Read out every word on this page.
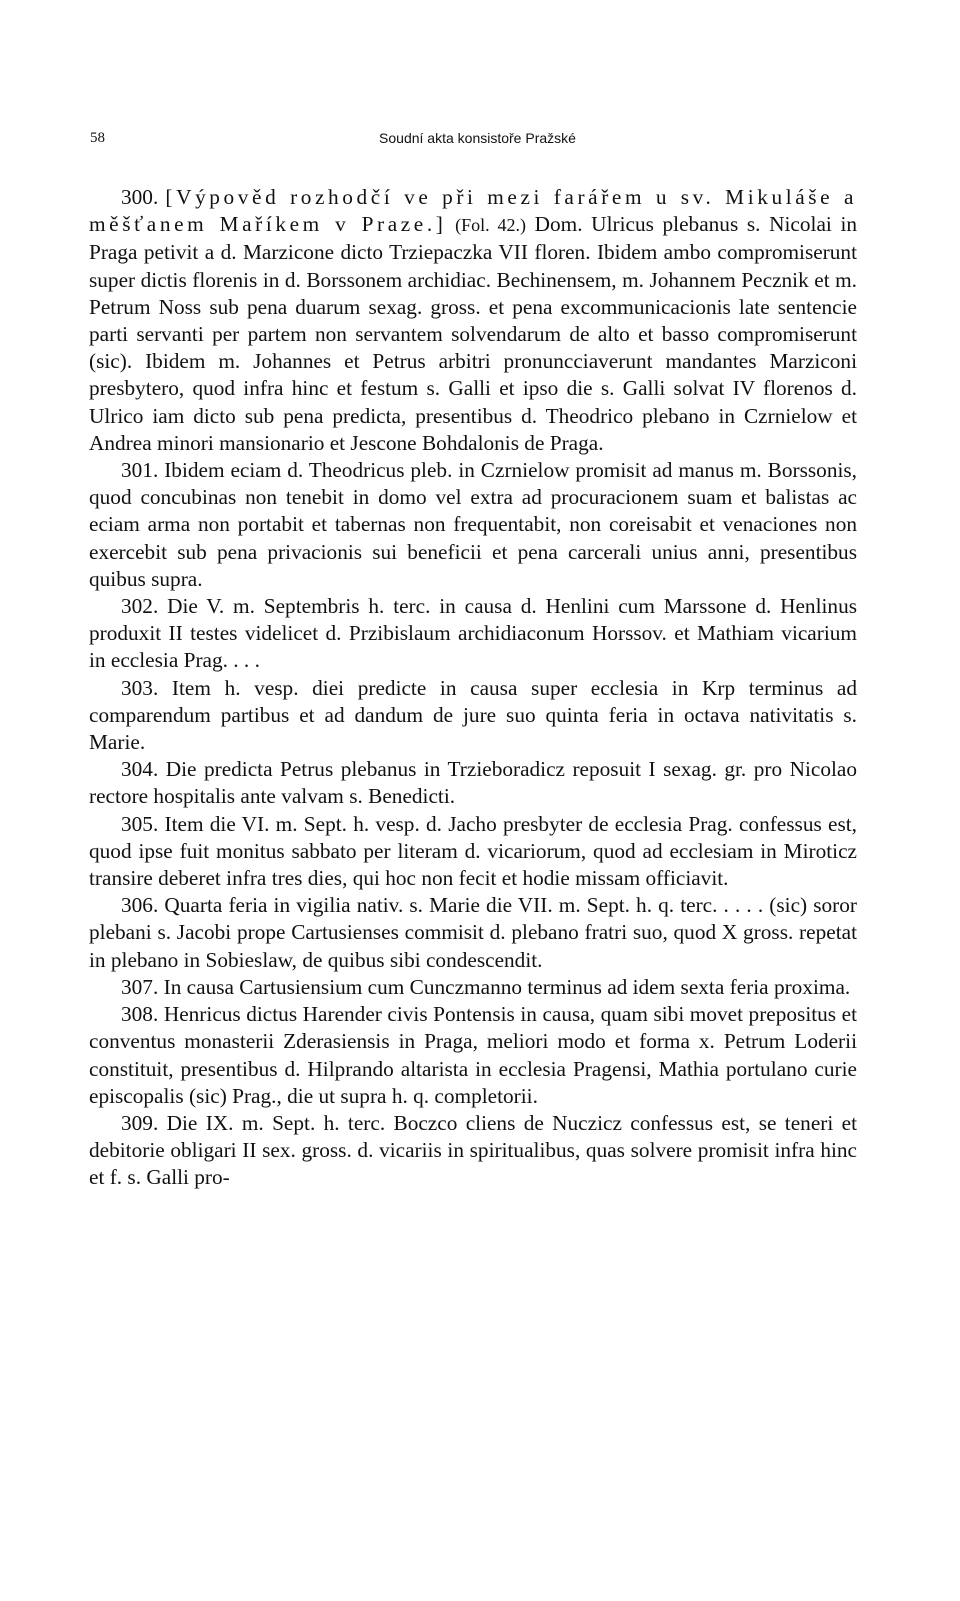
58	Soudní akta konsistoře Pražské

300. [Výpověd rozhodčí ve při mezi farářem u sv. Mikuláše a měšťanem Maříkem v Praze.] (Fol. 42.) Dom. Ulricus plebanus s. Nicolai in Praga petivit a d. Marzicone dicto Trziepaczka VII floren. Ibidem ambo compromiserunt super dictis florenis in d. Borssonem archidiac. Bechinensem, m. Johannem Pecznik et m. Petrum Noss sub pena duarum sexag. gross. et pena excommunicacionis late sentencie parti servanti per partem non servantem solvendarum de alto et basso compromiserunt (sic). Ibidem m. Johannes et Petrus arbitri pronuncciaverunt mandantes Marziconi presbytero, quod infra hinc et festum s. Galli et ipso die s. Galli solvat IV florenos d. Ulrico iam dicto sub pena predicta, presentibus d. Theodrico plebano in Czrnielow et Andrea minori mansionario et Jescone Bohdalonis de Praga.

301. Ibidem eciam d. Theodricus pleb. in Czrnielow promisit ad manus m. Borssonis, quod concubinas non tenebit in domo vel extra ad procuracionem suam et balistas ac eciam arma non portabit et tabernas non frequentabit, non coreisabit et venaciones non exercebit sub pena privacionis sui beneficii et pena carcerali unius anni, presentibus quibus supra.

302. Die V. m. Septembris h. terc. in causa d. Henlini cum Marssone d. Henlinus produxit II testes videlicet d. Przibislaum archidiaconum Horssov. et Mathiam vicarium in ecclesia Prag. . . .

303. Item h. vesp. diei predicte in causa super ecclesia in Krp terminus ad comparendum partibus et ad dandum de jure suo quinta feria in octava nativitatis s. Marie.

304. Die predicta Petrus plebanus in Trzieboradicz reposuit I sexag. gr. pro Nicolao rectore hospitalis ante valvam s. Benedicti.

305. Item die VI. m. Sept. h. vesp. d. Jacho presbyter de ecclesia Prag. confessus est, quod ipse fuit monitus sabbato per literam d. vicariorum, quod ad ecclesiam in Miroticz transire deberet infra tres dies, qui hoc non fecit et hodie missam officiavit.

306. Quarta feria in vigilia nativ. s. Marie die VII. m. Sept. h. q. terc. . . . . (sic) soror plebani s. Jacobi prope Cartusienses commisit d. plebano fratri suo, quod X gross. repetat in plebano in Sobieslaw, de quibus sibi condescendit.

307. In causa Cartusiensium cum Cunczmanno terminus ad idem sexta feria proxima.

308. Henricus dictus Harender civis Pontensis in causa, quam sibi movet prepositus et conventus monasterii Zderasiensis in Praga, meliori modo et forma x. Petrum Loderii constituit, presentibus d. Hilprando altarista in ecclesia Pragensi, Mathia portulano curie episcopalis (sic) Prag., die ut supra h. q. completorii.

309. Die IX. m. Sept. h. terc. Boczco cliens de Nuczicz confessus est, se teneri et debitorie obligari II sex. gross. d. vicariis in spiritualibus, quas solvere promisit infra hinc et f. s. Galli pro-
